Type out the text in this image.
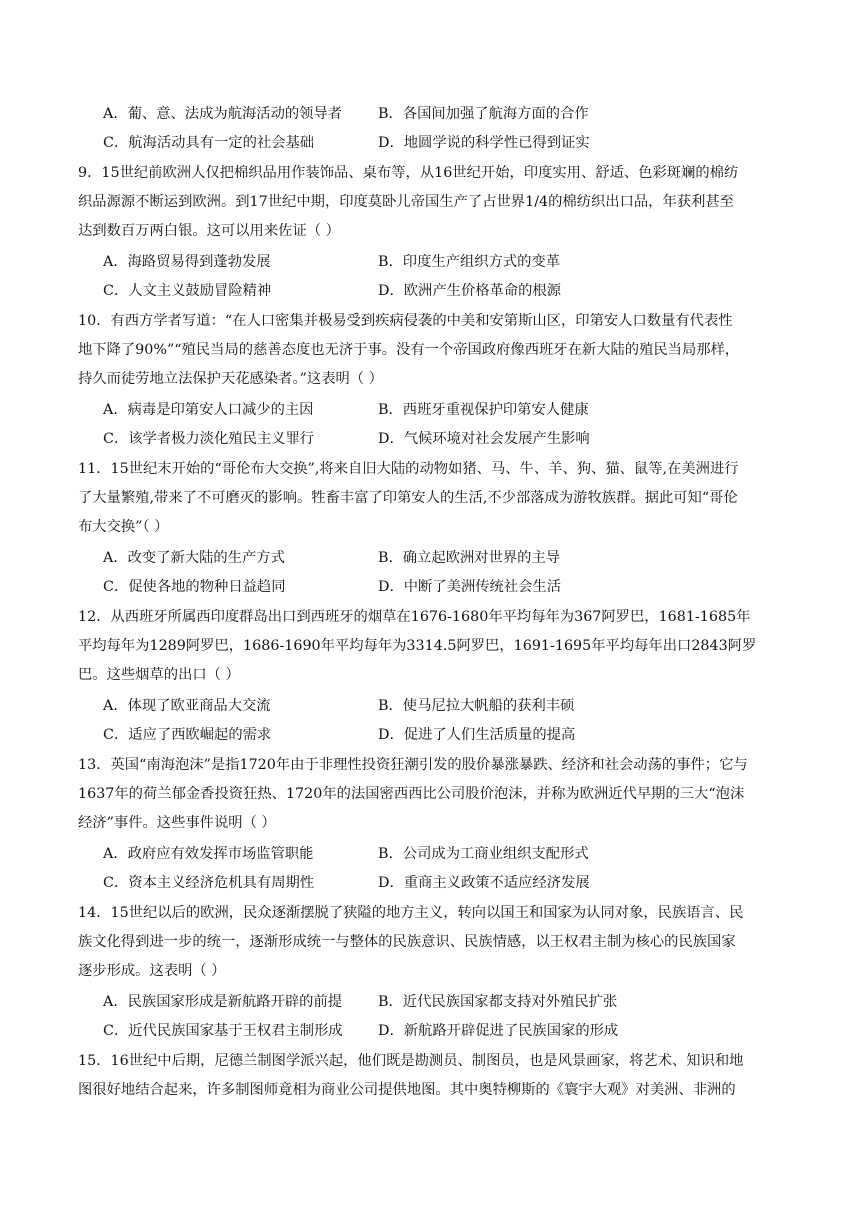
A．葡、意、法成为航海活动的领导者	B．各国间加强了航海方面的合作
C．航海活动具有一定的社会基础	D．地圆学说的科学性已得到证实
9．15世纪前欧洲人仅把棉织品用作装饰品、桌布等，从16世纪开始，印度实用、舒适、色彩斑斓的棉纺
织品源源不断运到欧洲。到17世纪中期，印度莫卧儿帝国生产了占世界1/4的棉纺织出口品，年获利甚至
达到数百万两白银。这可以用来佐证（ ）
A．海路贸易得到蓬勃发展	B．印度生产组织方式的变革
C．人文主义鼓励冒险精神	D．欧洲产生价格革命的根源
10．有西方学者写道：“在人口密集并极易受到疾病侵袭的中美和安第斯山区，印第安人口数量有代表性
地下降了90%”“殖民当局的慈善态度也无济于事。没有一个帝国政府像西班牙在新大陆的殖民当局那样，
持久而徒劳地立法保护天花感染者。”这表明（ ）
A．病毒是印第安人口减少的主因	B．西班牙重视保护印第安人健康
C．该学者极力淡化殖民主义罪行	D．气候环境对社会发展产生影响
11．15世纪末开始的“哥伦布大交换”,将来自旧大陆的动物如猪、马、牛、羊、狗、猫、鼠等,在美洲进行
了大量繁殖,带来了不可磨灭的影响。牲畜丰富了印第安人的生活,不少部落成为游牧族群。据此可知“哥伦
布大交换”（ ）
A．改变了新大陆的生产方式	B．确立起欧洲对世界的主导
C．促使各地的物种日益趋同	D．中断了美洲传统社会生活
12．从西班牙所属西印度群岛出口到西班牙的烟草在1676-1680年平均每年为367阿罗巴，1681-1685年
平均每年为1289阿罗巴，1686-1690年平均每年为3314.5阿罗巴，1691-1695年平均每年出口2843阿罗
巴。这些烟草的出口（ ）
A．体现了欧亚商品大交流	B．使马尼拉大帆船的获利丰硕
C．适应了西欧崛起的需求	D．促进了人们生活质量的提高
13．英国“南海泡沫”是指1720年由于非理性投资狂潮引发的股价暴涨暴跌、经济和社会动荡的事件；它与
1637年的荷兰郁金香投资狂热、1720年的法国密西西比公司股价泡沫，并称为欧洲近代早期的三大“泡沫
经济”事件。这些事件说明（ ）
A．政府应有效发挥市场监管职能	B．公司成为工商业组织支配形式
C．资本主义经济危机具有周期性	D．重商主义政策不适应经济发展
14．15世纪以后的欧洲，民众逐渐摆脱了狭隘的地方主义，转向以国王和国家为认同对象，民族语言、民
族文化得到进一步的统一，逐渐形成统一与整体的民族意识、民族情感，以王权君主制为核心的民族国家
逐步形成。这表明（ ）
A．民族国家形成是新航路开辟的前提	B．近代民族国家都支持对外殖民扩张
C．近代民族国家基于王权君主制形成 D．新航路开辟促进了民族国家的形成
15．16世纪中后期，尼德兰制图学派兴起，他们既是勘测员、制图员，也是风景画家，将艺术、知识和地
图很好地结合起来，许多制图师竟相为商业公司提供地图。其中奥特柳斯的《寰宇大观》对美洲、非洲的
